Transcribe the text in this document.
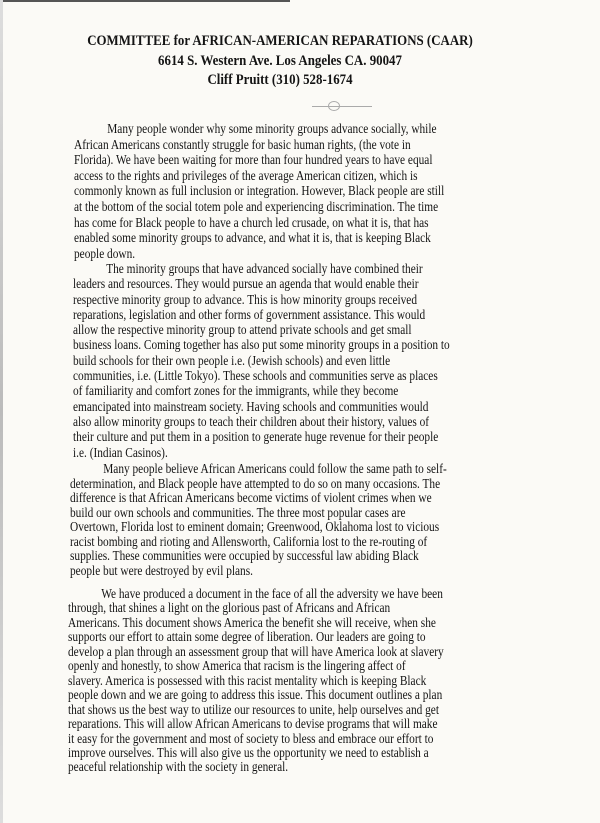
COMMITTEE for AFRICAN-AMERICAN REPARATIONS (CAAR)
6614 S. Western Ave. Los Angeles CA. 90047
Cliff Pruitt (310) 528-1674
Many people wonder why some minority groups advance socially, while
African Americans constantly struggle for basic human rights, (the vote in
Florida). We have been waiting for more than four hundred years to have equal
access to the rights and privileges of the average American citizen, which is
commonly known as full inclusion or integration. However, Black people are still
at the bottom of the social totem pole and experiencing discrimination. The time
has come for Black people to have a church led crusade, on what it is, that has
enabled some minority groups to advance, and what it is, that is keeping Black
people down.
The minority groups that have advanced socially have combined their
leaders and resources. They would pursue an agenda that would enable their
respective minority group to advance. This is how minority groups received
reparations, legislation and other forms of government assistance. This would
allow the respective minority group to attend private schools and get small
business loans. Coming together has also put some minority groups in a position to
build schools for their own people i.e. (Jewish schools) and even little
communities, i.e. (Little Tokyo). These schools and communities serve as places
of familiarity and comfort zones for the immigrants, while they become
emancipated into mainstream society. Having schools and communities would
also allow minority groups to teach their children about their history, values of
their culture and put them in a position to generate huge revenue for their people
i.e. (Indian Casinos).
Many people believe African Americans could follow the same path to self-
determination, and Black people have attempted to do so on many occasions. The
difference is that African Americans become victims of violent crimes when we
build our own schools and communities. The three most popular cases are
Overtown, Florida lost to eminent domain; Greenwood, Oklahoma lost to vicious
racist bombing and rioting and Allensworth, California lost to the re-routing of
supplies. These communities were occupied by successful law abiding Black
people but were destroyed by evil plans.
We have produced a document in the face of all the adversity we have been
through, that shines a light on the glorious past of Africans and African
Americans. This document shows America the benefit she will receive, when she
supports our effort to attain some degree of liberation. Our leaders are going to
develop a plan through an assessment group that will have America look at slavery
openly and honestly, to show America that racism is the lingering affect of
slavery. America is possessed with this racist mentality which is keeping Black
people down and we are going to address this issue. This document outlines a plan
that shows us the best way to utilize our resources to unite, help ourselves and get
reparations. This will allow African Americans to devise programs that will make
it easy for the government and most of society to bless and embrace our effort to
improve ourselves. This will also give us the opportunity we need to establish a
peaceful relationship with the society in general.
